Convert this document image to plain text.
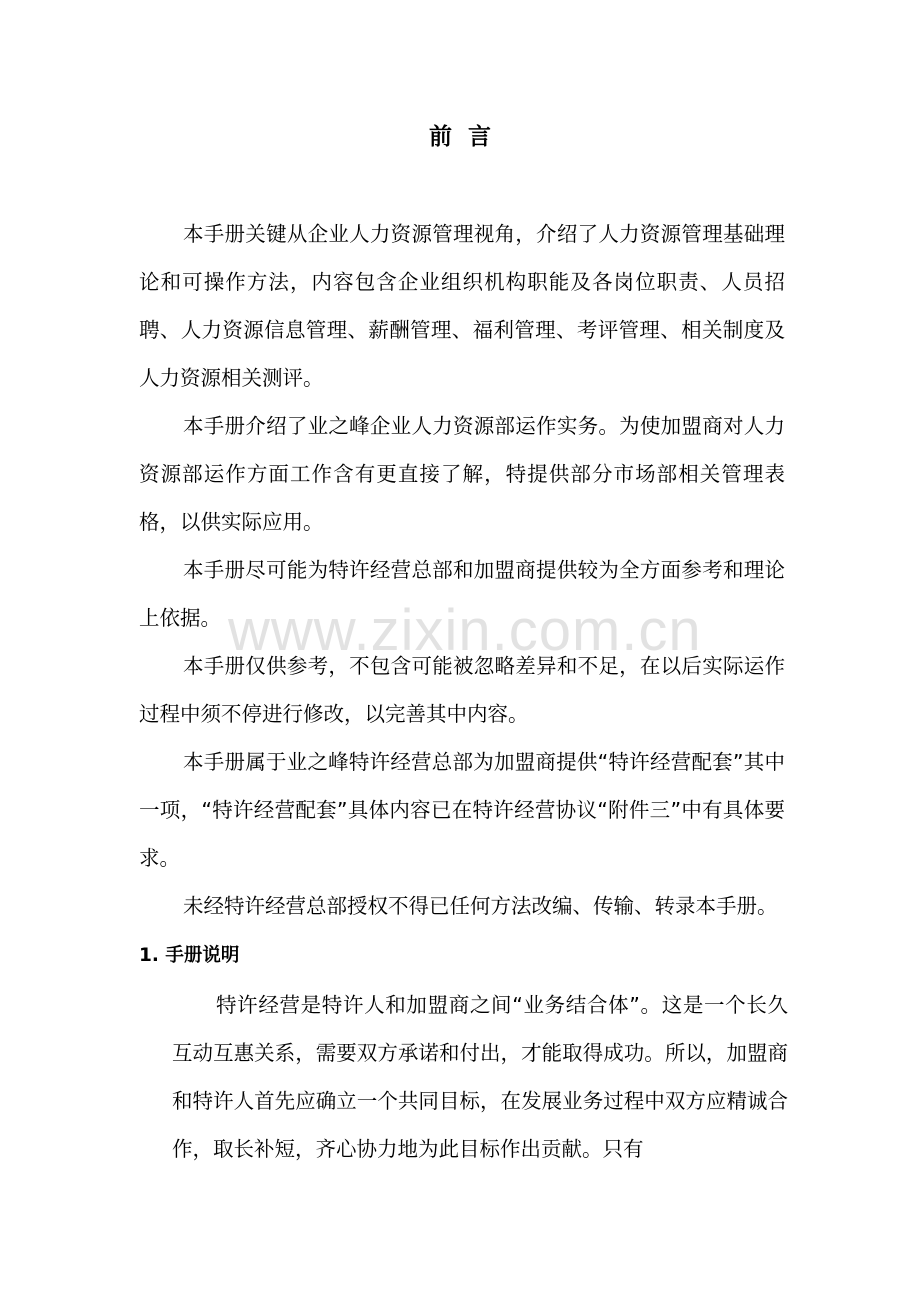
前  言

本手册关键从企业人力资源管理视角，介绍了人力资源管理基础理论和可操作方法，内容包含企业组织机构职能及各岗位职责、人员招聘、人力资源信息管理、薪酬管理、福利管理、考评管理、相关制度及人力资源相关测评。

本手册介绍了业之峰企业人力资源部运作实务。为使加盟商对人力资源部运作方面工作含有更直接了解，特提供部分市场部相关管理表格，以供实际应用。

本手册尽可能为特许经营总部和加盟商提供较为全方面参考和理论上依据。

本手册仅供参考，不包含可能被忽略差异和不足，在以后实际运作过程中须不停进行修改，以完善其中内容。

本手册属于业之峰特许经营总部为加盟商提供“特许经营配套”其中一项，“特许经营配套”具体内容已在特许经营协议“附件三”中有具体要求。

未经特许经营总部授权不得已任何方法改编、传输、转录本手册。

1. 手册说明

特许经营是特许人和加盟商之间“业务结合体”。这是一个长久互动互惠关系，需要双方承诺和付出，才能取得成功。所以，加盟商和特许人首先应确立一个共同目标，在发展业务过程中双方应精诚合作，取长补短，齐心协力地为此目标作出贡献。只有

www.zixin.com.cn
